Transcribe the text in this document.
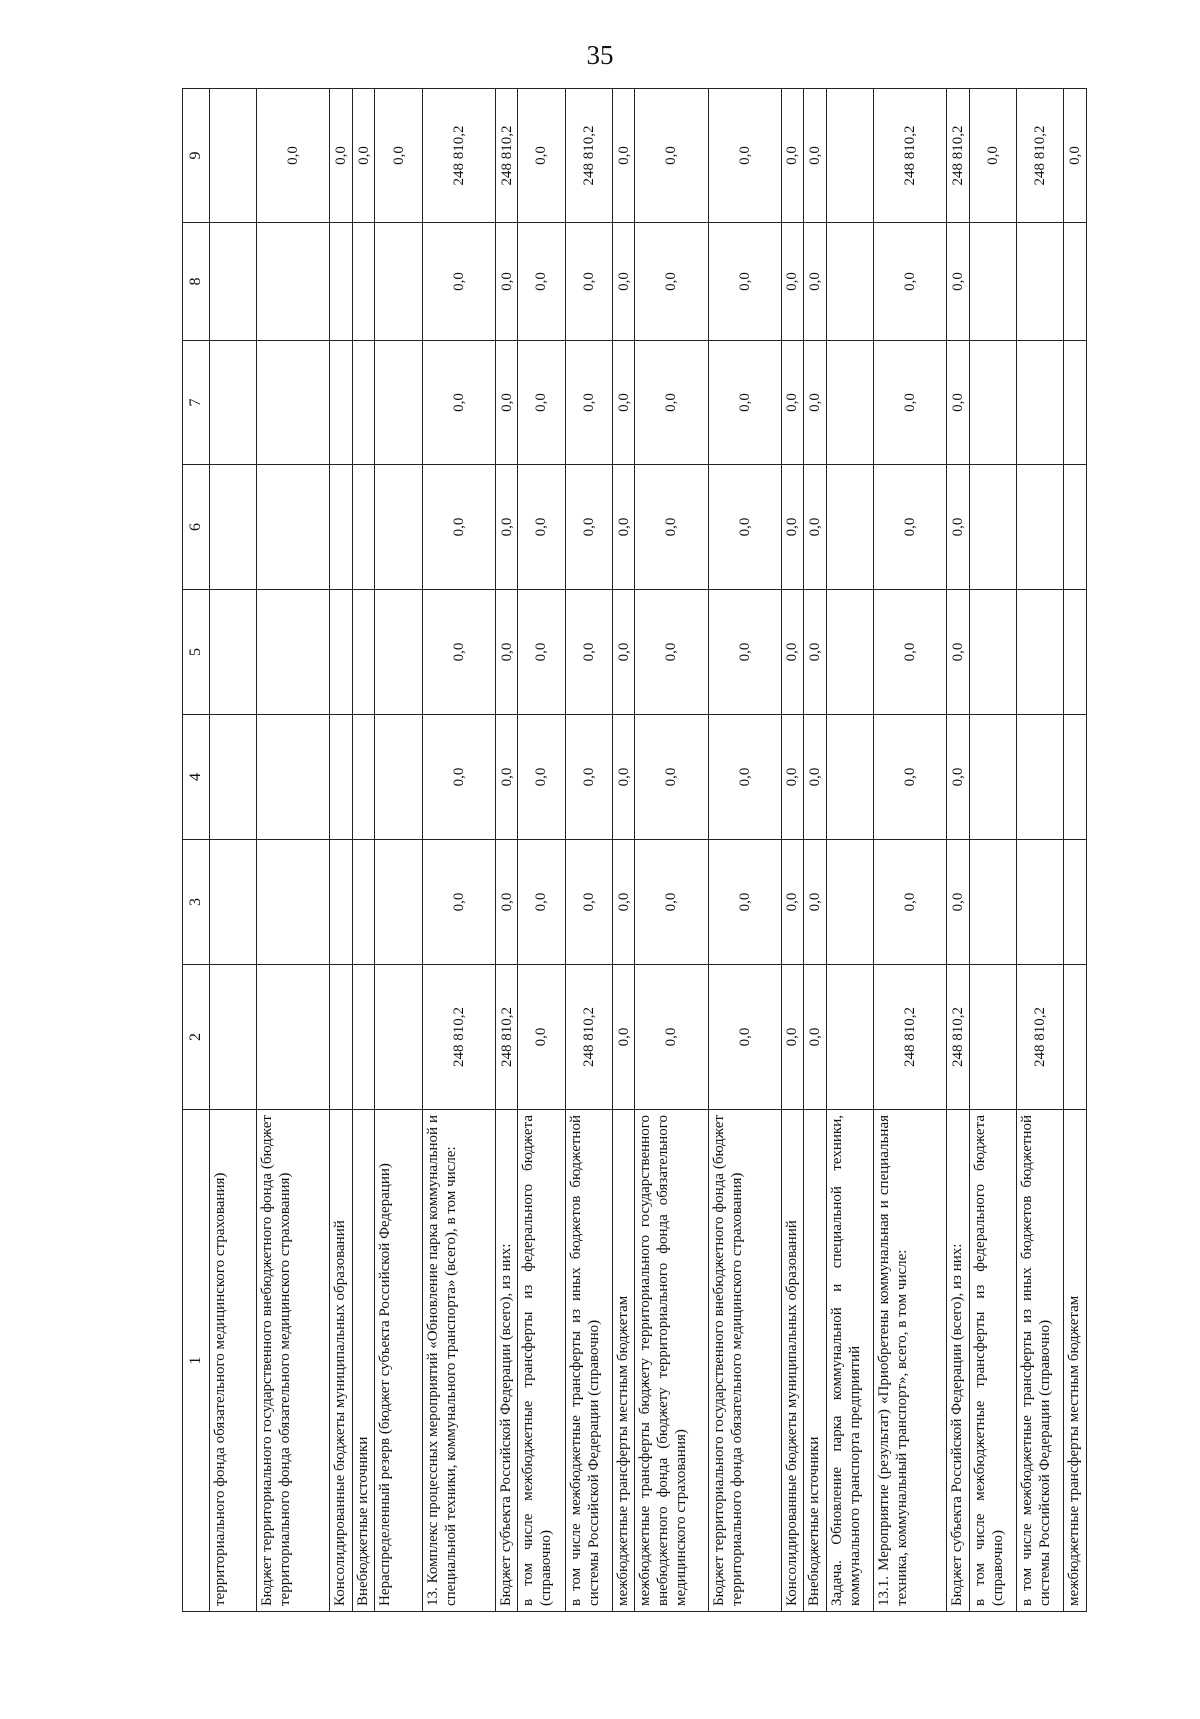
35
1	2	3	4	5	6	7	8	9
территориального фонда обязательного медицинского страхования)								
Бюджет территориального государственного внебюджетного фонда (бюджет территориального фонда обязательного медицинского страхования)								0,0
Консолидированные бюджеты муниципальных образований								0,0
Внебюджетные источники								0,0
Нераспределенный резерв (бюджет субъекта Российской Федерации)								0,0
13. Комплекс процессных мероприятий «Обновление парка коммунальной и специальной техники, коммунального транспорта» (всего), в том числе:	248 810,2	0,0	0,0	0,0	0,0	0,0	0,0	248 810,2
Бюджет субъекта Российской Федерации (всего), из них:	248 810,2	0,0	0,0	0,0	0,0	0,0	0,0	248 810,2
в том числе межбюджетные трансферты из федерального бюджета (справочно)	0,0	0,0	0,0	0,0	0,0	0,0	0,0	0,0
в том числе межбюджетные трансферты из иных бюджетов бюджетной системы Российской Федерации (справочно)	248 810,2	0,0	0,0	0,0	0,0	0,0	0,0	248 810,2
межбюджетные трансферты местным бюджетам	0,0	0,0	0,0	0,0	0,0	0,0	0,0	0,0
межбюджетные трансферты бюджету территориального государственного внебюджетного фонда (бюджету территориального фонда обязательного медицинского страхования)	0,0	0,0	0,0	0,0	0,0	0,0	0,0	0,0
Бюджет территориального государственного внебюджетного фонда (бюджет территориального фонда обязательного медицинского страхования)	0,0	0,0	0,0	0,0	0,0	0,0	0,0	0,0
Консолидированные бюджеты муниципальных образований	0,0	0,0	0,0	0,0	0,0	0,0	0,0	0,0
Внебюджетные источники	0,0	0,0	0,0	0,0	0,0	0,0	0,0	0,0
Задача. Обновление парка коммунальной и специальной техники, коммунального транспорта предприятий								
13.1. Мероприятие (результат) «Приобретены коммунальная и специальная техника, коммунальный транспорт», всего, в том числе:	248 810,2	0,0	0,0	0,0	0,0	0,0	0,0	248 810,2
Бюджет субъекта Российской Федерации (всего), из них:	248 810,2	0,0	0,0	0,0	0,0	0,0	0,0	248 810,2
в том числе межбюджетные трансферты из федерального бюджета (справочно)								0,0
в том числе межбюджетные трансферты из иных бюджетов бюджетной системы Российской Федерации (справочно)	248 810,2							248 810,2
межбюджетные трансферты местным бюджетам								0,0
